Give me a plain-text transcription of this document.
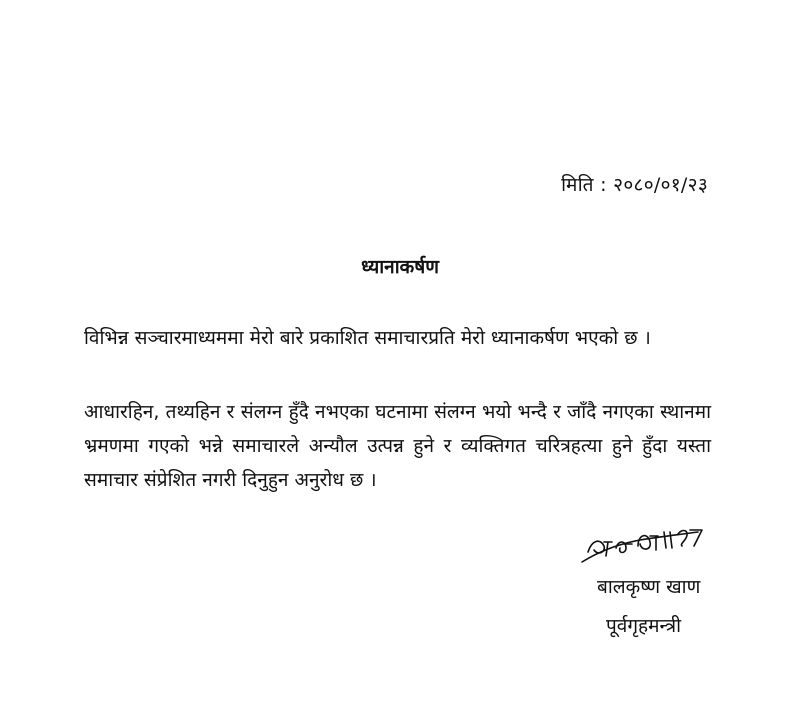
मिति : २०८०/०१/२३
ध्यानाकर्षण
विभिन्न सञ्चारमाध्यममा मेरो बारे प्रकाशित समाचारप्रति मेरो ध्यानाकर्षण भएको छ ।
आधारहिन, तथ्यहिन र संलग्न हुँदै नभएका घटनामा संलग्न भयो भन्दै र जाँदै नगएका स्थानमा भ्रमणमा गएको भन्ने समाचारले अन्यौल उत्पन्न हुने र व्यक्तिगत चरित्रहत्या हुने हुँदा यस्ता समाचार संप्रेशित नगरी दिनुहुन अनुरोध छ ।
बालकृष्ण खाण
पूर्वगृहमन्त्री
